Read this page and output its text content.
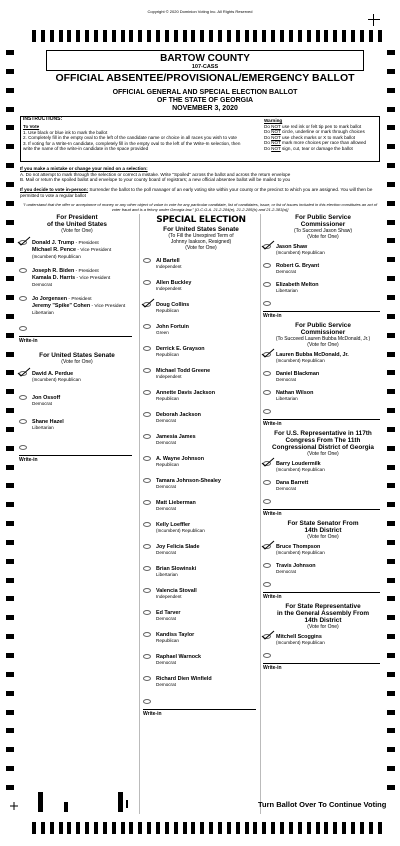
Copyright © 2020 Dominion Voting Inc. All Rights Reserved
BARTOW COUNTY
107-CASS
OFFICIAL ABSENTEE/PROVISIONAL/EMERGENCY BALLOT
OFFICIAL GENERAL AND SPECIAL ELECTION BALLOT
OF THE STATE OF GEORGIA
NOVEMBER 3, 2020
INSTRUCTIONS:
To Vote
1. Use black or blue ink to mark the ballot
2. Completely fill in the empty oval to the left of the candidate name or choice in all races you wish to vote
3. If voting for a Write-In candidate, completely fill in the empty oval to the left of the Write-In selection, then write the name of the write-in candidate in the space provided
Warning
Do NOT use red ink or felt tip pen to mark ballot
Do NOT circle, underline or mark through choices
Do NOT use check marks or X to mark ballot
Do NOT mark more choices per race than allowed
Do NOT sign, cut, tear or damage the ballot
If you make a mistake or change your mind on a selection:
A. Do not attempt to mark through the selection or correct a mistake. Write "Spoiled" across the ballot and across the return envelope
B. Mail or return the spoiled ballot and envelope to your county board of registrars; a new official absentee ballot will be mailed to you
If you decide to vote in-person: Surrender the ballot to the poll manager of an early voting site within your county or the precinct to which you are assigned. You will then be permitted to vote a regular ballot
"I understand that the offer or acceptance of money or any other object of value to vote for any particular candidate, list of candidates, issue, or list of issues included in this election constitutes an act of voter fraud and is a felony under Georgia law." [O.C.G.A. 21-2-284(e), 21-2-285(h) and 21-2-383(a)]
For President
of the United States
(Vote for One)
Donald J. Trump - President
Michael R. Pence - Vice President
(Incumbent) Republican
Joseph R. Biden - President
Kamala D. Harris - Vice President
Democrat
Jo Jorgensen - President
Jeremy "Spike" Cohen - Vice President
Libertarian
Write-in
For United States Senate
(Vote for One)
David A. Perdue
(Incumbent) Republican
Jon Ossoff
Democrat
Shane Hazel
Libertarian
Write-in
SPECIAL ELECTION
For United States Senate
(To Fill the Unexpired Term of
Johnny Isakson, Resigned)
(Vote for One)
Al Bartell
Independent
Allen Buckley
Independent
Doug Collins
Republican
John Fortuin
Green
Derrick E. Grayson
Republican
Michael Todd Greene
Independent
Annette Davis Jackson
Republican
Deborah Jackson
Democrat
Jamesia James
Democrat
A. Wayne Johnson
Republican
Tamara Johnson-Shealey
Democrat
Matt Lieberman
Democrat
Kelly Loeffler
(Incumbent) Republican
Joy Felicia Slade
Democrat
Brian Slowinski
Libertarian
Valencia Stovall
Independent
Ed Tarver
Democrat
Kandiss Taylor
Republican
Raphael Warnock
Democrat
Richard Dien Winfield
Democrat
Write-in
For Public Service
Commissioner
(To Succeed Jason Shaw)
(Vote for One)
Jason Shaw
(Incumbent) Republican
Robert G. Bryant
Democrat
Elizabeth Melton
Libertarian
Write-in
For Public Service
Commissioner
(To Succeed Lauren Bubba McDonald, Jr.)
(Vote for One)
Lauren Bubba McDonald, Jr.
(Incumbent) Republican
Daniel Blackman
Democrat
Nathan Wilson
Libertarian
Write-in
For U.S. Representative in 117th
Congress From The 11th
Congressional District of Georgia
(Vote for One)
Barry Loudermilk
(Incumbent) Republican
Dana Barrett
Democrat
Write-in
For State Senator From
14th District
(Vote for One)
Bruce Thompson
(Incumbent) Republican
Travis Johnson
Democrat
Write-in
For State Representative
in the General Assembly From
14th District
(Vote for One)
Mitchell Scoggins
(Incumbent) Republican
Write-in
Turn Ballot Over To Continue Voting
